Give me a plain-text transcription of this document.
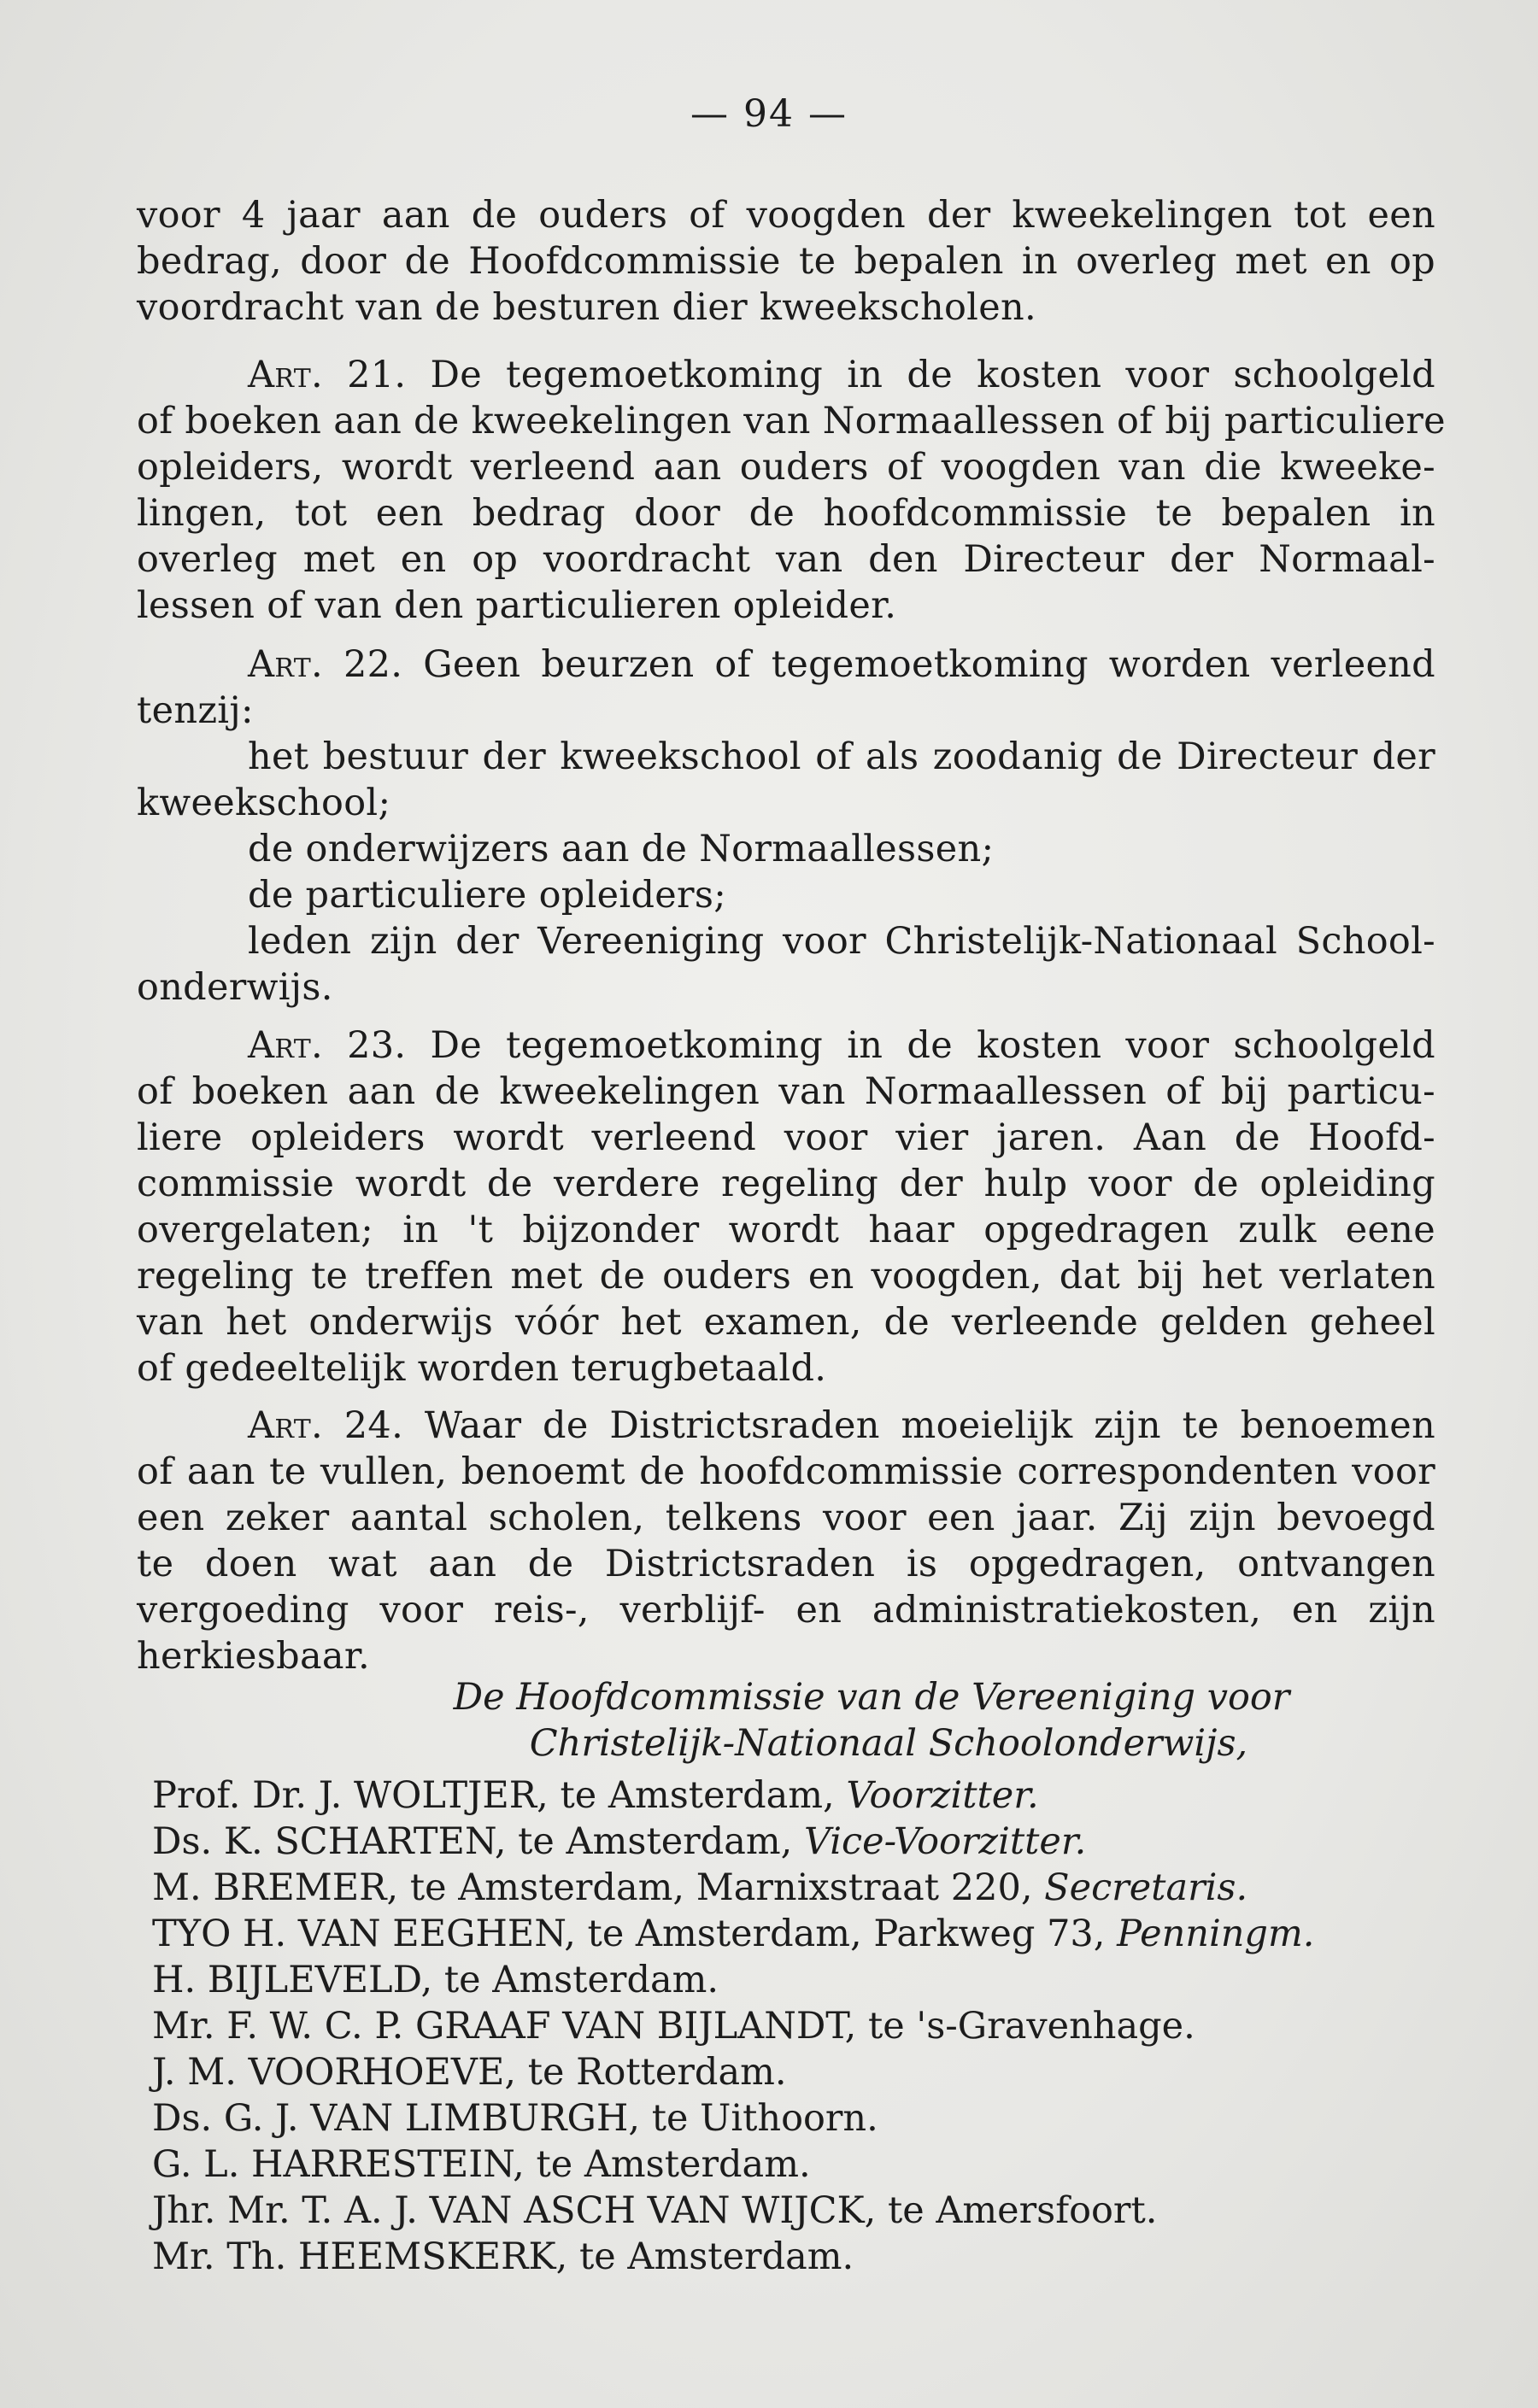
— 94 —
voor 4 jaar aan de ouders of voogden der kweekelingen tot een
bedrag, door de Hoofdcommissie te bepalen in overleg met en op
voordracht van de besturen dier kweekscholen.
Art. 21. De tegemoetkoming in de kosten voor schoolgeld
of boeken aan de kweekelingen van Normaallessen of bij particuliere
opleiders, wordt verleend aan ouders of voogden van die kweeke-
lingen, tot een bedrag door de hoofdcommissie te bepalen in
overleg met en op voordracht van den Directeur der Normaal-
lessen of van den particulieren opleider.
Art. 22. Geen beurzen of tegemoetkoming worden verleend
tenzij:
het bestuur der kweekschool of als zoodanig de Directeur der
kweekschool;
de onderwijzers aan de Normaallessen;
de particuliere opleiders;
leden zijn der Vereeniging voor Christelijk-Nationaal School-
onderwijs.
Art. 23. De tegemoetkoming in de kosten voor schoolgeld
of boeken aan de kweekelingen van Normaallessen of bij particu-
liere opleiders wordt verleend voor vier jaren. Aan de Hoofd-
commissie wordt de verdere regeling der hulp voor de opleiding
overgelaten; in 't bijzonder wordt haar opgedragen zulk eene
regeling te treffen met de ouders en voogden, dat bij het verlaten
van het onderwijs vóór het examen, de verleende gelden geheel
of gedeeltelijk worden terugbetaald.
Art. 24. Waar de Districtsraden moeielijk zijn te benoemen
of aan te vullen, benoemt de hoofdcommissie correspondenten voor
een zeker aantal scholen, telkens voor een jaar. Zij zijn bevoegd
te doen wat aan de Districtsraden is opgedragen, ontvangen
vergoeding voor reis-, verblijf- en administratiekosten, en zijn
herkiesbaar.
De Hoofdcommissie van de Vereeniging voor
Christelijk-Nationaal Schoolonderwijs,
Prof. Dr. J. WOLTJER, te Amsterdam, Voorzitter.
Ds. K. SCHARTEN, te Amsterdam, Vice-Voorzitter.
M. BREMER, te Amsterdam, Marnixstraat 220, Secretaris.
TYO H. VAN EEGHEN, te Amsterdam, Parkweg 73, Penningm.
H. BIJLEVELD, te Amsterdam.
Mr. F. W. C. P. GRAAF VAN BIJLANDT, te 's-Gravenhage.
J. M. VOORHOEVE, te Rotterdam.
Ds. G. J. VAN LIMBURGH, te Uithoorn.
G. L. HARRESTEIN, te Amsterdam.
Jhr. Mr. T. A. J. VAN ASCH VAN WIJCK, te Amersfoort.
Mr. Th. HEEMSKERK, te Amsterdam.
